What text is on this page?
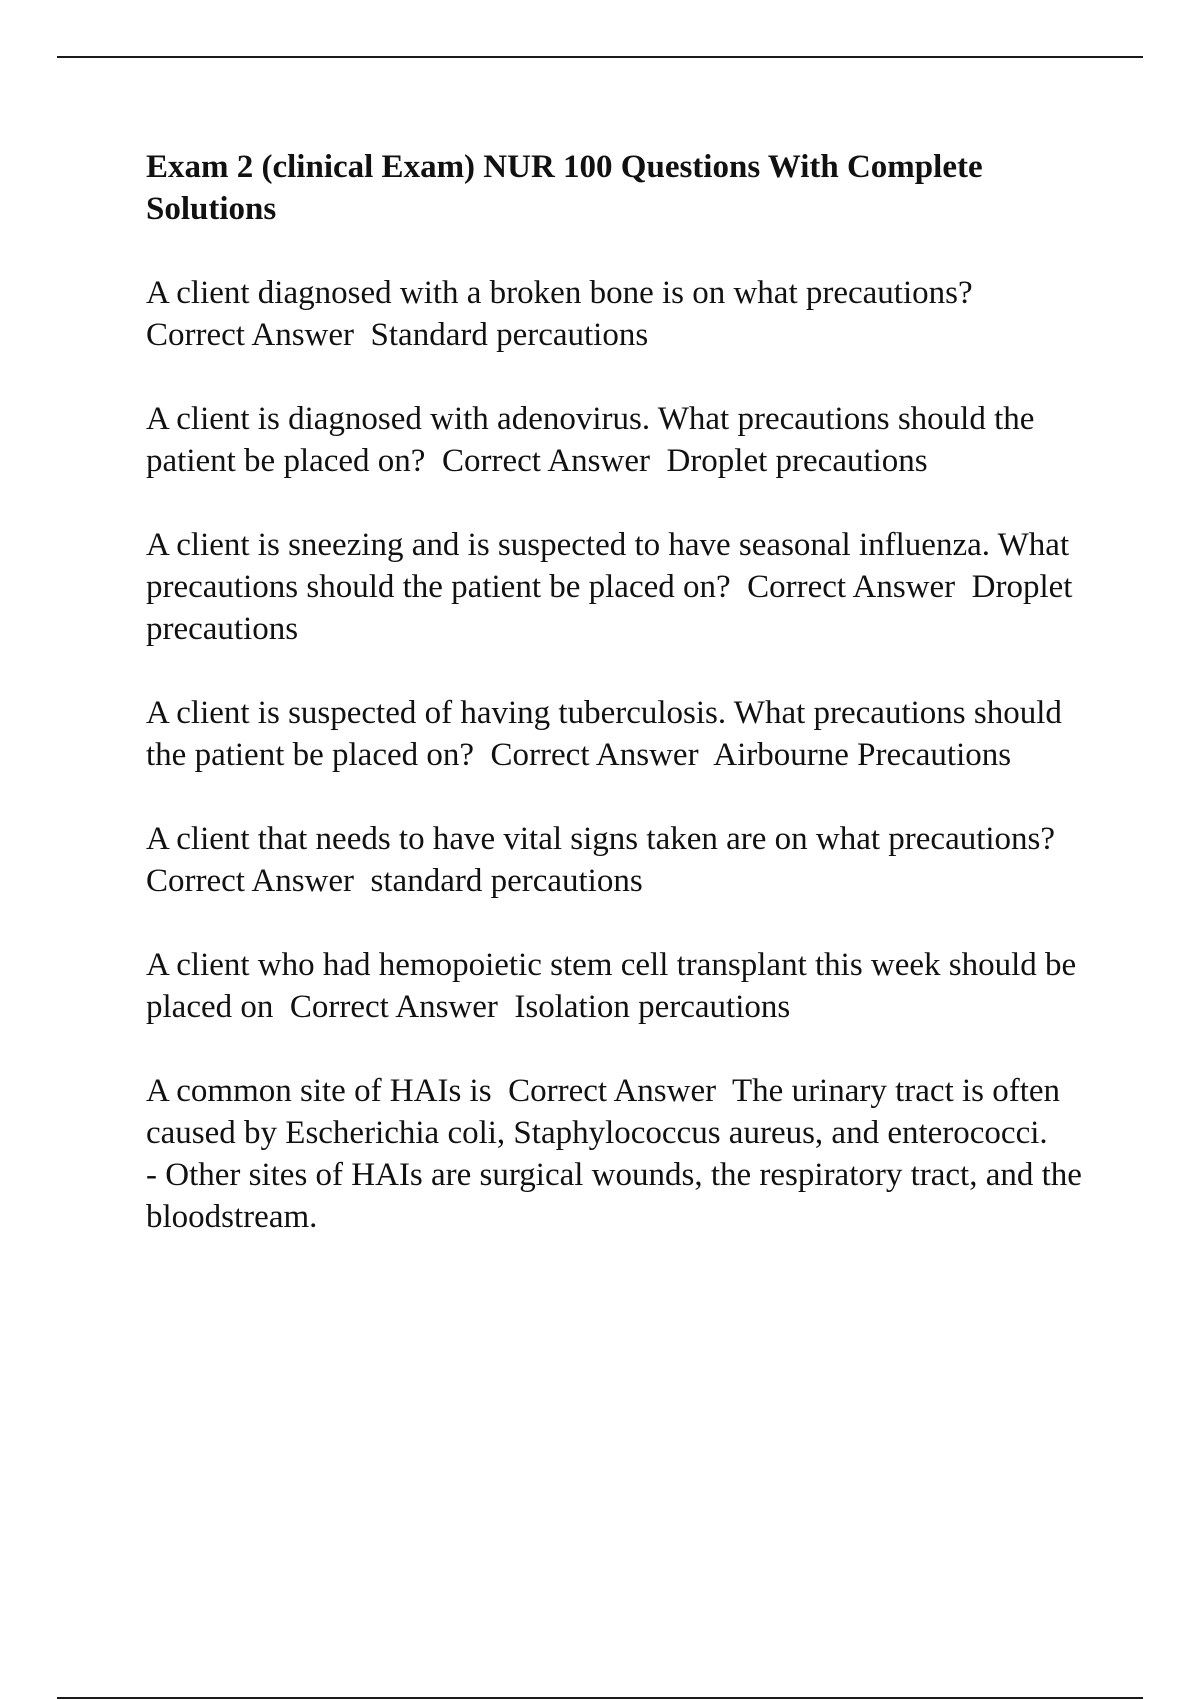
Exam 2 (clinical Exam) NUR 100 Questions With Complete Solutions

A client diagnosed with a broken bone is on what precautions?
Correct Answer Standard percautions

A client is diagnosed with adenovirus. What precautions should the patient be placed on? Correct Answer Droplet precautions

A client is sneezing and is suspected to have seasonal influenza. What precautions should the patient be placed on? Correct Answer Droplet precautions

A client is suspected of having tuberculosis. What precautions should the patient be placed on? Correct Answer Airbourne Precautions

A client that needs to have vital signs taken are on what precautions?  Correct Answer standard percautions

A client who had hemopoietic stem cell transplant this week should be placed on Correct Answer Isolation percautions

A common site of HAIs is Correct Answer The urinary tract is often caused by Escherichia coli, Staphylococcus aureus, and enterococci.
- Other sites of HAIs are surgical wounds, the respiratory tract, and the bloodstream.
